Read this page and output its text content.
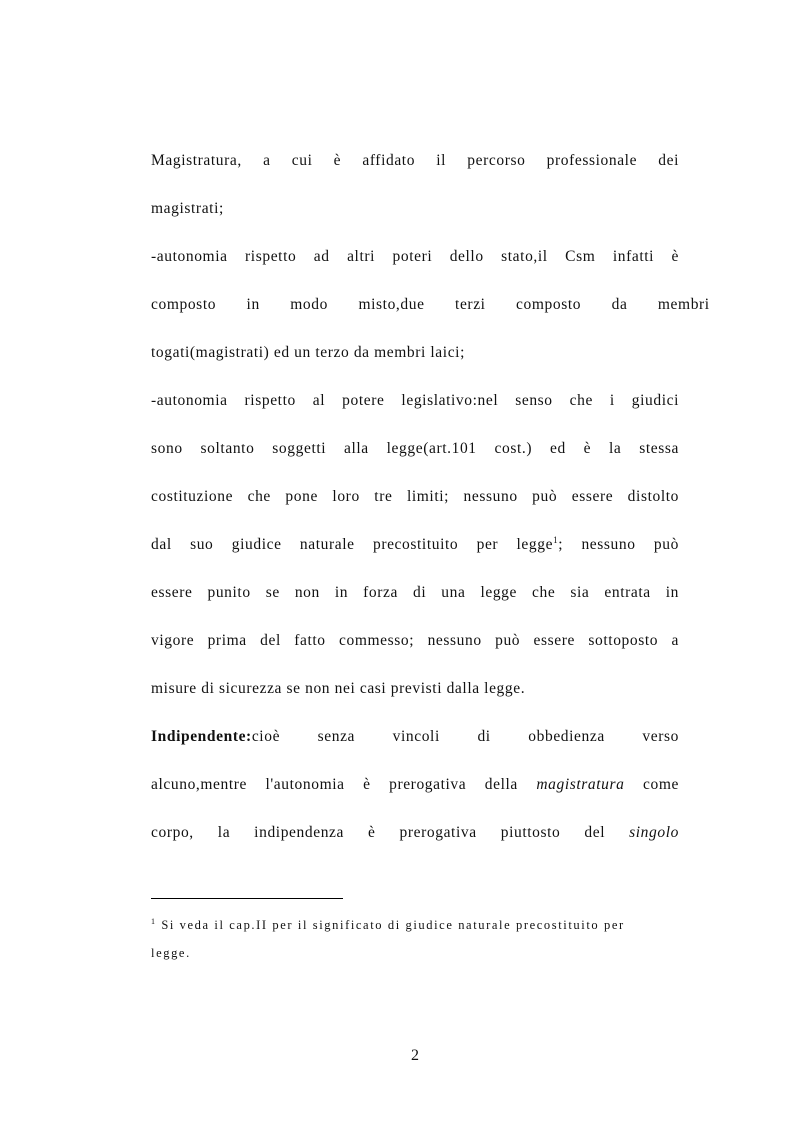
Magistratura, a cui è affidato il percorso professionale dei
magistrati;
-autonomia rispetto ad altri poteri dello stato,il Csm infatti è
composto in modo misto,due terzi composto da membri
togati(magistrati) ed un terzo da membri laici;
-autonomia rispetto al potere legislativo:nel senso che i giudici
sono soltanto soggetti alla legge(art.101 cost.) ed è la stessa
costituzione che pone loro tre limiti; nessuno può essere distolto
dal suo giudice naturale precostituito per legge$^1$; nessuno può
essere punito se non in forza di una legge che sia entrata in
vigore prima del fatto commesso; nessuno può essere sottoposto a
misure di sicurezza se non nei casi previsti dalla legge.
Indipendente:cioè senza vincoli di obbedienza verso
alcuno,mentre l'autonomia è prerogativa della magistratura come
corpo, la indipendenza è prerogativa piuttosto del singolo
$^1$ Si veda il cap.II per il significato di giudice naturale precostituito per
legge.
2
